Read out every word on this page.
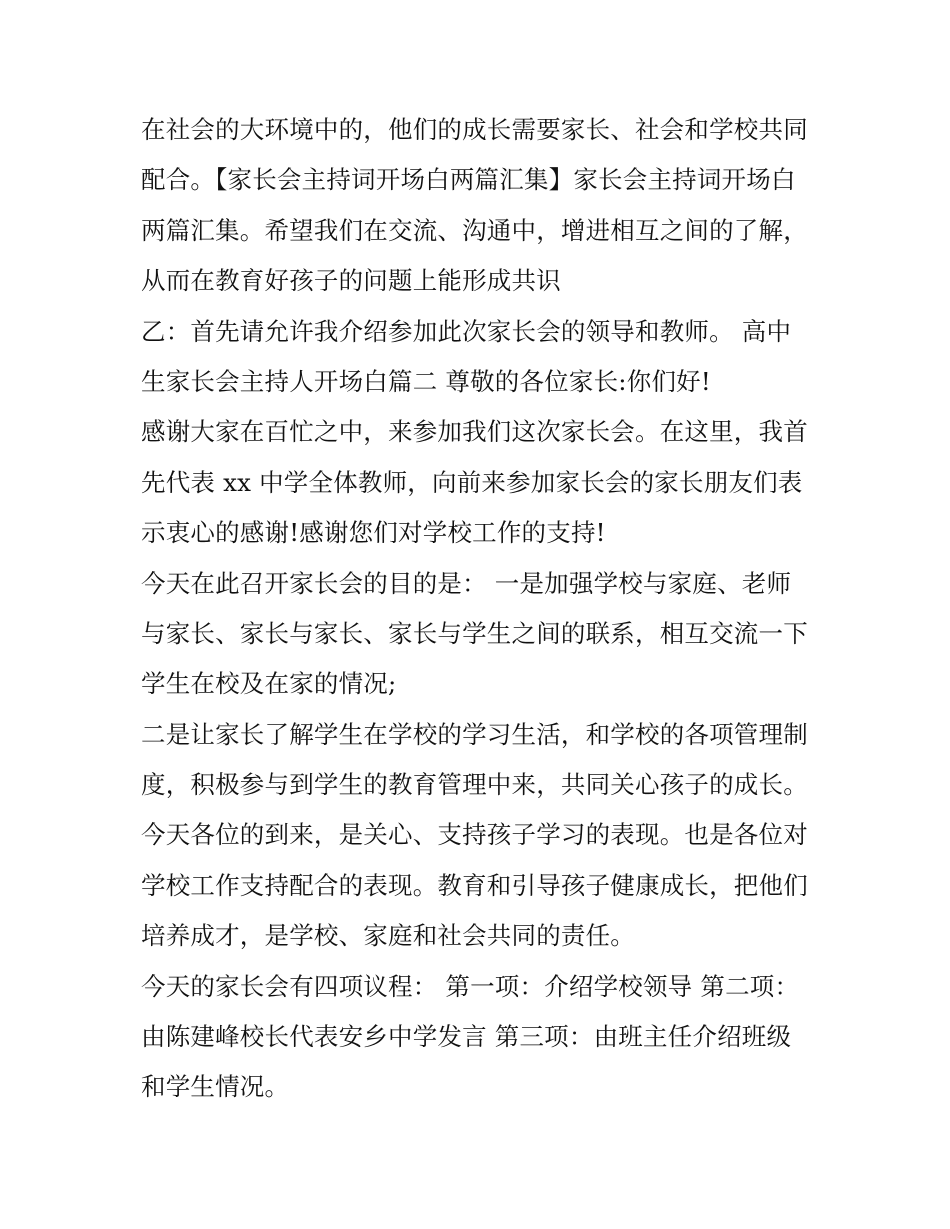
在社会的大环境中的，他们的成长需要家长、社会和学校共同
配合。【家长会主持词开场白两篇汇集】家长会主持词开场白
两篇汇集。希望我们在交流、沟通中，增进相互之间的了解，
从而在教育好孩子的问题上能形成共识
乙：首先请允许我介绍参加此次家长会的领导和教师。 高中
生家长会主持人开场白篇二 尊敬的各位家长:你们好!
感谢大家在百忙之中，来参加我们这次家长会。在这里，我首
先代表 xx 中学全体教师，向前来参加家长会的家长朋友们表
示衷心的感谢!感谢您们对学校工作的支持!
今天在此召开家长会的目的是： 一是加强学校与家庭、老师
与家长、家长与家长、家长与学生之间的联系，相互交流一下
学生在校及在家的情况;
二是让家长了解学生在学校的学习生活，和学校的各项管理制
度，积极参与到学生的教育管理中来，共同关心孩子的成长。
今天各位的到来，是关心、支持孩子学习的表现。也是各位对
学校工作支持配合的表现。教育和引导孩子健康成长，把他们
培养成才，是学校、家庭和社会共同的责任。
今天的家长会有四项议程： 第一项：介绍学校领导 第二项：
由陈建峰校长代表安乡中学发言 第三项：由班主任介绍班级
和学生情况。
